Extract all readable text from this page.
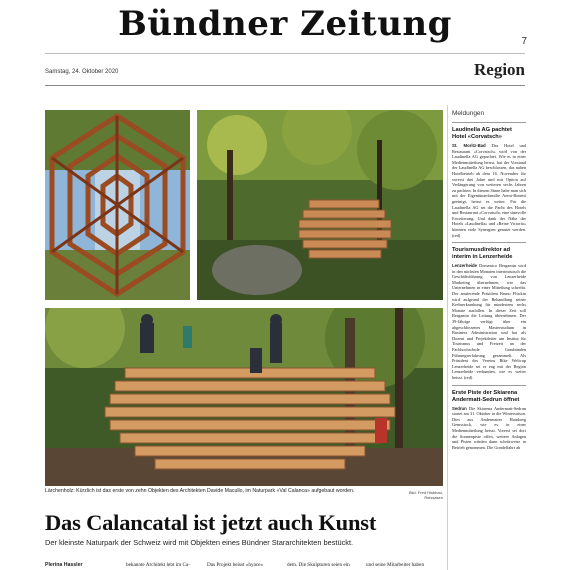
Bündner Zeitung	7
Samstag, 24. Oktober 2020	Region
Lärchenholz: Kürzlich ist das erste von zehn Objekten des Architekten Davide Macullo, im Naturpark «Val Calanca» aufgebaut worden.	Bild: Fred Hisbbau, Reissasen
Das Calancatal ist jetzt auch Kunst
Der kleinste Naturpark der Schweiz wird mit Objekten eines Bündner Stararchitekten bestückt.
Plerina Hassler	bekannte Architekt lebt im Ca-	Das Projekt heisst «hyace»	dem. Die Skulpturen seien ein	und seine Mitarbeiter haben
Meldungen
Laudinella AG pachtet Hotel «Corvatsch»

St. Moritz-Bad Das Hotel und Restaurant «Corvatsch» wird von der Laudinella AG gepachtet. Wie es in einer Medienmitteilung heisst, hat der Vorstand der Laudinella AG beschlossen, das nahen Hotelbetrieb ab dem 16. November für vorerst drei Jahre und mit Option auf Verlängerung von weiteren sechs Jahren zu pachten. In diesem Sinne habe man sich mit der Eigentümerfamilie Aerni-Bonetti geeinigt, heisst es weiter. Für die Laudinella AG sei die Pacht des Hotels und Restaurant «Corvatsch» eine sinnvolle Erweiterung. Und dank der Nähe der Hotels «Laudinella» und «Reine Victoria» könnten viele Synergien genutzt werden. (red)

Tourismusdirektor ad interim in Lenzerheide

Lenzerheide Domenico Bergamin wird in den nächsten Monaten interimistisch die Geschäftsführung von Lenzerheide Marketing übernehmen, wie das Unternehmen in einer Mitteilung schreibt. Der amtierende Präsident Bruno Flückin wird aufgrund der Behandlung seiner Krebserkrankung für mindestens sechs Monate ausfallen. In dieser Zeit soll Bergamin die Leitung übernehmen. Der 39-Jährige verfügt über ein abgeschlossenes Masterstudium in Business Administration und hat als Dozent und Projektleiter am Institut für Tourismus und Freizeit an der Fachhochschule Graubünden Führungserfahrung gesammelt. Als Präsident des Vereins Bike Weltcup Lenzerheide sei er eng mit der Region Lenzerheide verbunden, wie es weiter heisst. (red)

Erste Piste der Skiarena Andermatt-Sedrun öffnet

Sedrun Die Skiarena Andermatt-Sedrun startet am 31. Oktober in die Wintersaison. Dies aus Andermatter Hausberg Gemsstock, wie es in einer Medienmitteilung heisst. Vorerst sei dort die Sonnenpiste offen, weitere Anlagen und Pisten würden dann schrittweise in Betrieb genommen. Die Gondelfahrt ab
